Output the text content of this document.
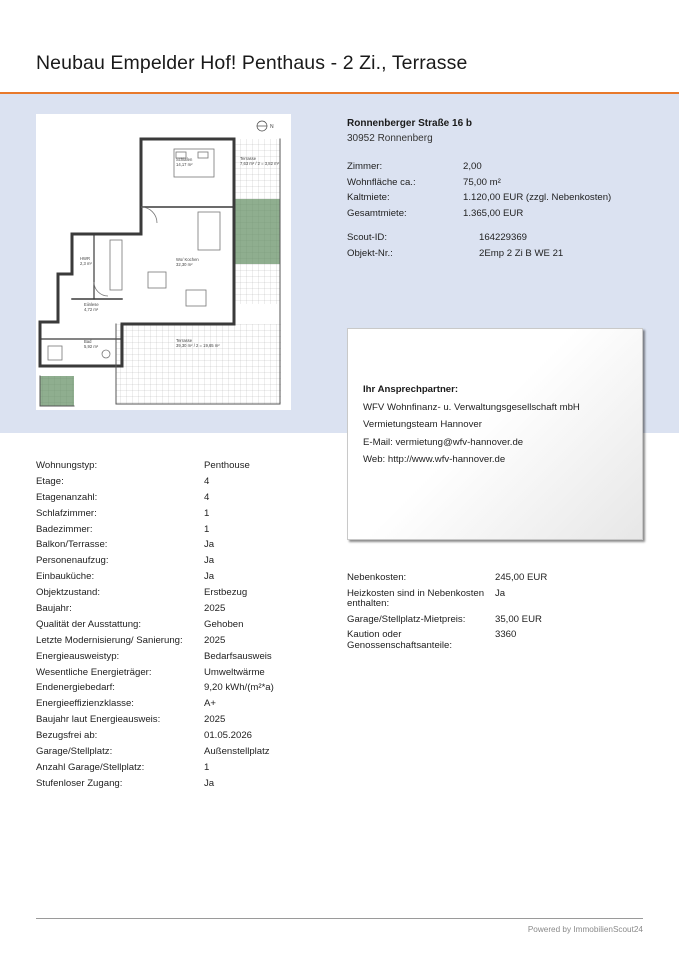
Neubau Empelder Hof! Penthaus - 2 Zi., Terrasse
Schlafen
14,17 m²
Terrasse
7,63 m² / 2 = 3,82 m²
Wo/ Kochen
32,30 m²
HWR
2,3 m²
Eiinlese
4,72 m²
Bad
5,92 m²
Terrasse
39,30 m² / 2 = 19,65 m²
N	Ronnenberger Straße 16 b
30952 Ronnenberg
Zimmer:	2,00
Wohnfläche ca.:	75,00 m²
Kaltmiete:	1.120,00 EUR (zzgl. Nebenkosten)
Gesamtmiete:	1.365,00 EUR
Scout-ID:	164229369
Objekt-Nr.:	2Emp 2 Zi B WE 21
Ihr Ansprechpartner:
WFV Wohnfinanz- u. Verwaltungsgesellschaft mbH
Vermietungsteam Hannover
E-Mail: vermietung@wfv-hannover.de
Web: http://www.wfv-hannover.de
Wohnungstyp:	Penthouse
Etage:	4
Etagenanzahl:	4
Schlafzimmer:	1
Badezimmer:	1
Balkon/Terrasse:	Ja
Personenaufzug:	Ja
Einbauküche:	Ja
Objektzustand:	Erstbezug
Baujahr:	2025
Qualität der Ausstattung:	Gehoben
Letzte Modernisierung/ Sanierung: 2025
Energieausweistyp:	Bedarfsausweis
Wesentliche Energieträger:	Umweltwärme
Endenergiebedarf:	9,20 kWh/(m²*a)
Energieeffizienzklasse:	A+
Baujahr laut Energieausweis:	2025
Bezugsfrei ab:	01.05.2026
Garage/Stellplatz:	Außenstellplatz
Anzahl Garage/Stellplatz:	1
Stufenloser Zugang:	Ja
Nebenkosten:	245,00 EUR
Heizkosten sind in Nebenkosten enthalten:
Ja
Garage/Stellplatz-Mietpreis:	35,00 EUR
Kaution oder Genossenschaftsanteile:
3360
Powered by ImmobilienScout24
